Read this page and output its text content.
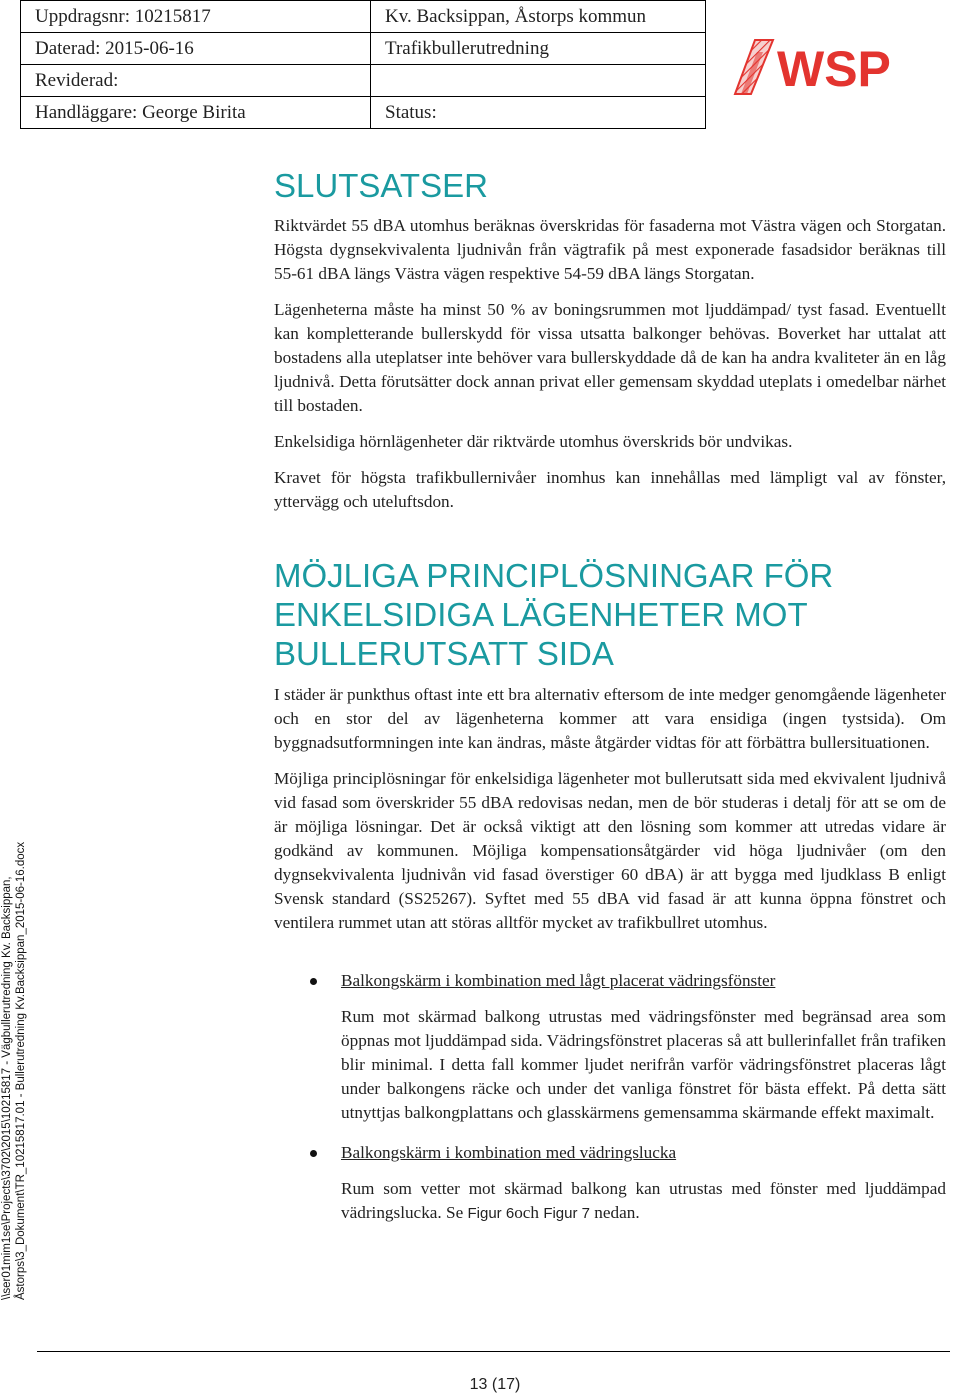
Uppdragsnr: 10215817	Kv. Backsippan, Åstorps kommun	
Daterad: 2015-06-16	Trafikbullerutredning	
Reviderad:		
Handläggare: George Birita	Status:	
WSP
\\ser01mim1se\Projects\3702\2015\10215817 - Vägbullerutredning Kv. Backsippan, Åstorps\3_Dokument\TR_10215817.01 - Bullerutredning Kv.Backsippan_2015-06-16.docx
SLUTSATSER

Riktvärdet 55 dBA utomhus beräknas överskridas för fasaderna mot Västra vägen och Storgatan. Högsta dygnsekvivalenta ljudnivån från vägtrafik på mest exponerade fasadsidor beräknas till 55-61 dBA längs Västra vägen respektive 54-59 dBA längs Storgatan.

Lägenheterna måste ha minst 50 % av boningsrummen mot ljuddämpad/ tyst fasad. Eventuellt kan kompletterande bullerskydd för vissa utsatta balkonger behövas. Boverket har uttalat att bostadens alla uteplatser inte behöver vara bullerskyddade då de kan ha andra kvaliteter än en låg ljudnivå. Detta förutsätter dock annan privat eller gemensam skyddad uteplats i omedelbar närhet till bostaden.

Enkelsidiga hörnlägenheter där riktvärde utomhus överskrids bör undvikas.

Kravet för högsta trafikbullernivåer inomhus kan innehållas med lämpligt val av fönster, yttervägg och uteluftsdon.

MÖJLIGA PRINCIPLÖSNINGAR FÖR ENKELSIDIGA LÄGENHETER MOT BULLERUTSATT SIDA

I städer är punkthus oftast inte ett bra alternativ eftersom de inte medger genomgående lägenheter och en stor del av lägenheterna kommer att vara ensidiga (ingen tystsida). Om byggnadsutformningen inte kan ändras, måste åtgärder vidtas för att förbättra bullersituationen.

Möjliga principlösningar för enkelsidiga lägenheter mot bullerutsatt sida med ekvivalent ljudnivå vid fasad som överskrider 55 dBA redovisas nedan, men de bör studeras i detalj för att se om de är möjliga lösningar. Det är också viktigt att den lösning som kommer att utredas vidare är godkänd av kommunen. Möjliga kompensationsåtgärder vid höga ljudnivåer (om den dygnsekvivalenta ljudnivån vid fasad överstiger 60 dBA) är att bygga med ljudklass B enligt Svensk standard (SS25267). Syftet med 55 dBA vid fasad är att kunna öppna fönstret och ventilera rummet utan att störas alltför mycket av trafikbullret utomhus.

Balkongskärm i kombination med lågt placerat vädringsfönster

Rum mot skärmad balkong utrustas med vädringsfönster med begränsad area som öppnas mot ljuddämpad sida. Vädringsfönstret placeras så att bullerinfallet från trafiken blir minimal. I detta fall kommer ljudet nerifrån varför vädringsfönstret placeras lågt under balkongens räcke och under det vanliga fönstret för bästa effekt. På detta sätt utnyttjas balkongplattans och glasskärmens gemensamma skärmande effekt maximalt.

Balkongskärm i kombination med vädringslucka

Rum som vetter mot skärmad balkong kan utrustas med fönster med ljuddämpad vädringslucka. Se Figur 6och Figur 7 nedan.

13 (17)
